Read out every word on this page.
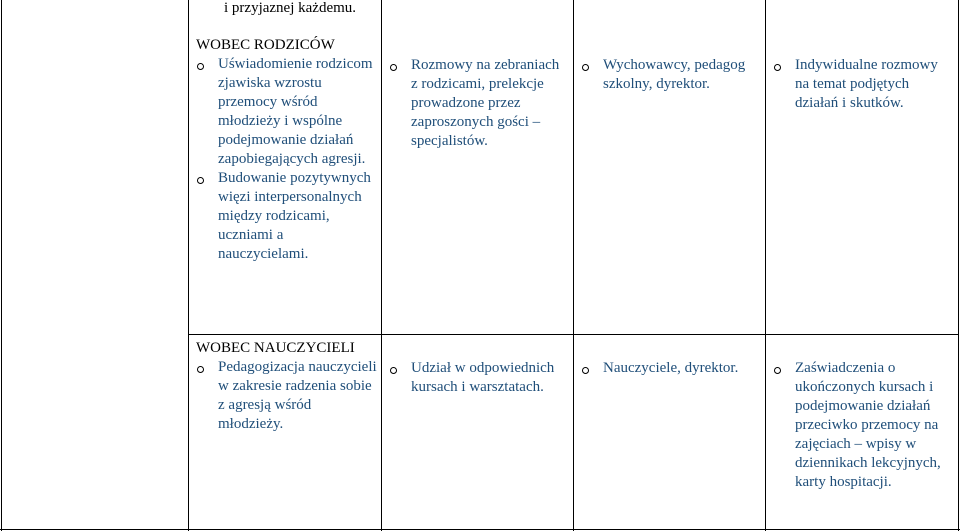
i przyjaznej każdemu.
WOBEC RODZICÓW
Uświadomienie rodzicom zjawiska wzrostu przemocy wśród młodzieży i wspólne podejmowanie działań zapobiegających agresji.
Budowanie pozytywnych więzi interpersonalnych między rodzicami, uczniami a nauczycielami.
Rozmowy na zebraniach z rodzicami, prelekcje prowadzone przez zaproszonych gości – specjalistów.
Wychowawcy, pedagog szkolny, dyrektor.
Indywidualne rozmowy na temat podjętych działań i skutków.
WOBEC NAUCZYCIELI
Pedagogizacja nauczycieli w zakresie radzenia sobie z agresją wśród młodzieży.
Udział w odpowiednich kursach i warsztatach.
Nauczyciele, dyrektor.	Zaświadczenia o ukończonych kursach i podejmowanie działań przeciwko przemocy na zajęciach – wpisy w dziennikach lekcyjnych, karty hospitacji.
